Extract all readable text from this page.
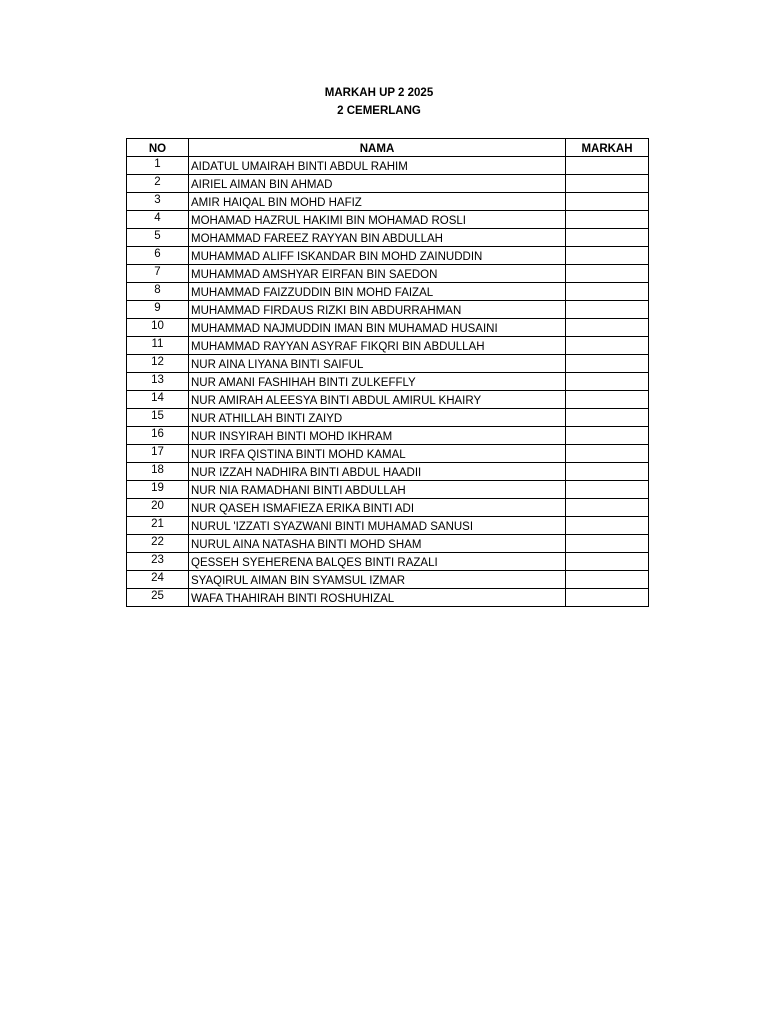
MARKAH UP 2 2025
2 CEMERLANG
NO	NAMA	MARKAH
1	AIDATUL UMAIRAH BINTI ABDUL RAHIM	
2	AIRIEL AIMAN BIN AHMAD	
3	AMIR HAIQAL BIN MOHD HAFIZ	
4	MOHAMAD HAZRUL HAKIMI BIN MOHAMAD ROSLI	
5	MOHAMMAD FAREEZ RAYYAN BIN ABDULLAH	
6	MUHAMMAD ALIFF ISKANDAR BIN MOHD ZAINUDDIN	
7	MUHAMMAD AMSHYAR EIRFAN BIN SAEDON	
8	MUHAMMAD FAIZZUDDIN BIN MOHD FAIZAL	
9	MUHAMMAD FIRDAUS RIZKI BIN ABDURRAHMAN	
10	MUHAMMAD NAJMUDDIN IMAN BIN MUHAMAD HUSAINI	
11	MUHAMMAD RAYYAN ASYRAF FIKQRI BIN ABDULLAH	
12	NUR AINA LIYANA BINTI SAIFUL	
13	NUR AMANI FASHIHAH BINTI ZULKEFFLY	
14	NUR AMIRAH ALEESYA BINTI ABDUL AMIRUL KHAIRY	
15	NUR ATHILLAH BINTI ZAIYD	
16	NUR INSYIRAH BINTI MOHD IKHRAM	
17	NUR IRFA QISTINA BINTI MOHD KAMAL	
18	NUR IZZAH NADHIRA BINTI ABDUL HAADII	
19	NUR NIA RAMADHANI BINTI ABDULLAH	
20	NUR QASEH ISMAFIEZA ERIKA BINTI ADI	
21	NURUL 'IZZATI SYAZWANI BINTI MUHAMAD SANUSI	
22	NURUL AINA NATASHA BINTI MOHD SHAM	
23	QESSEH SYEHERENA BALQES BINTI RAZALI	
24	SYAQIRUL AIMAN BIN SYAMSUL IZMAR	
25	WAFA THAHIRAH BINTI ROSHUHIZAL	
